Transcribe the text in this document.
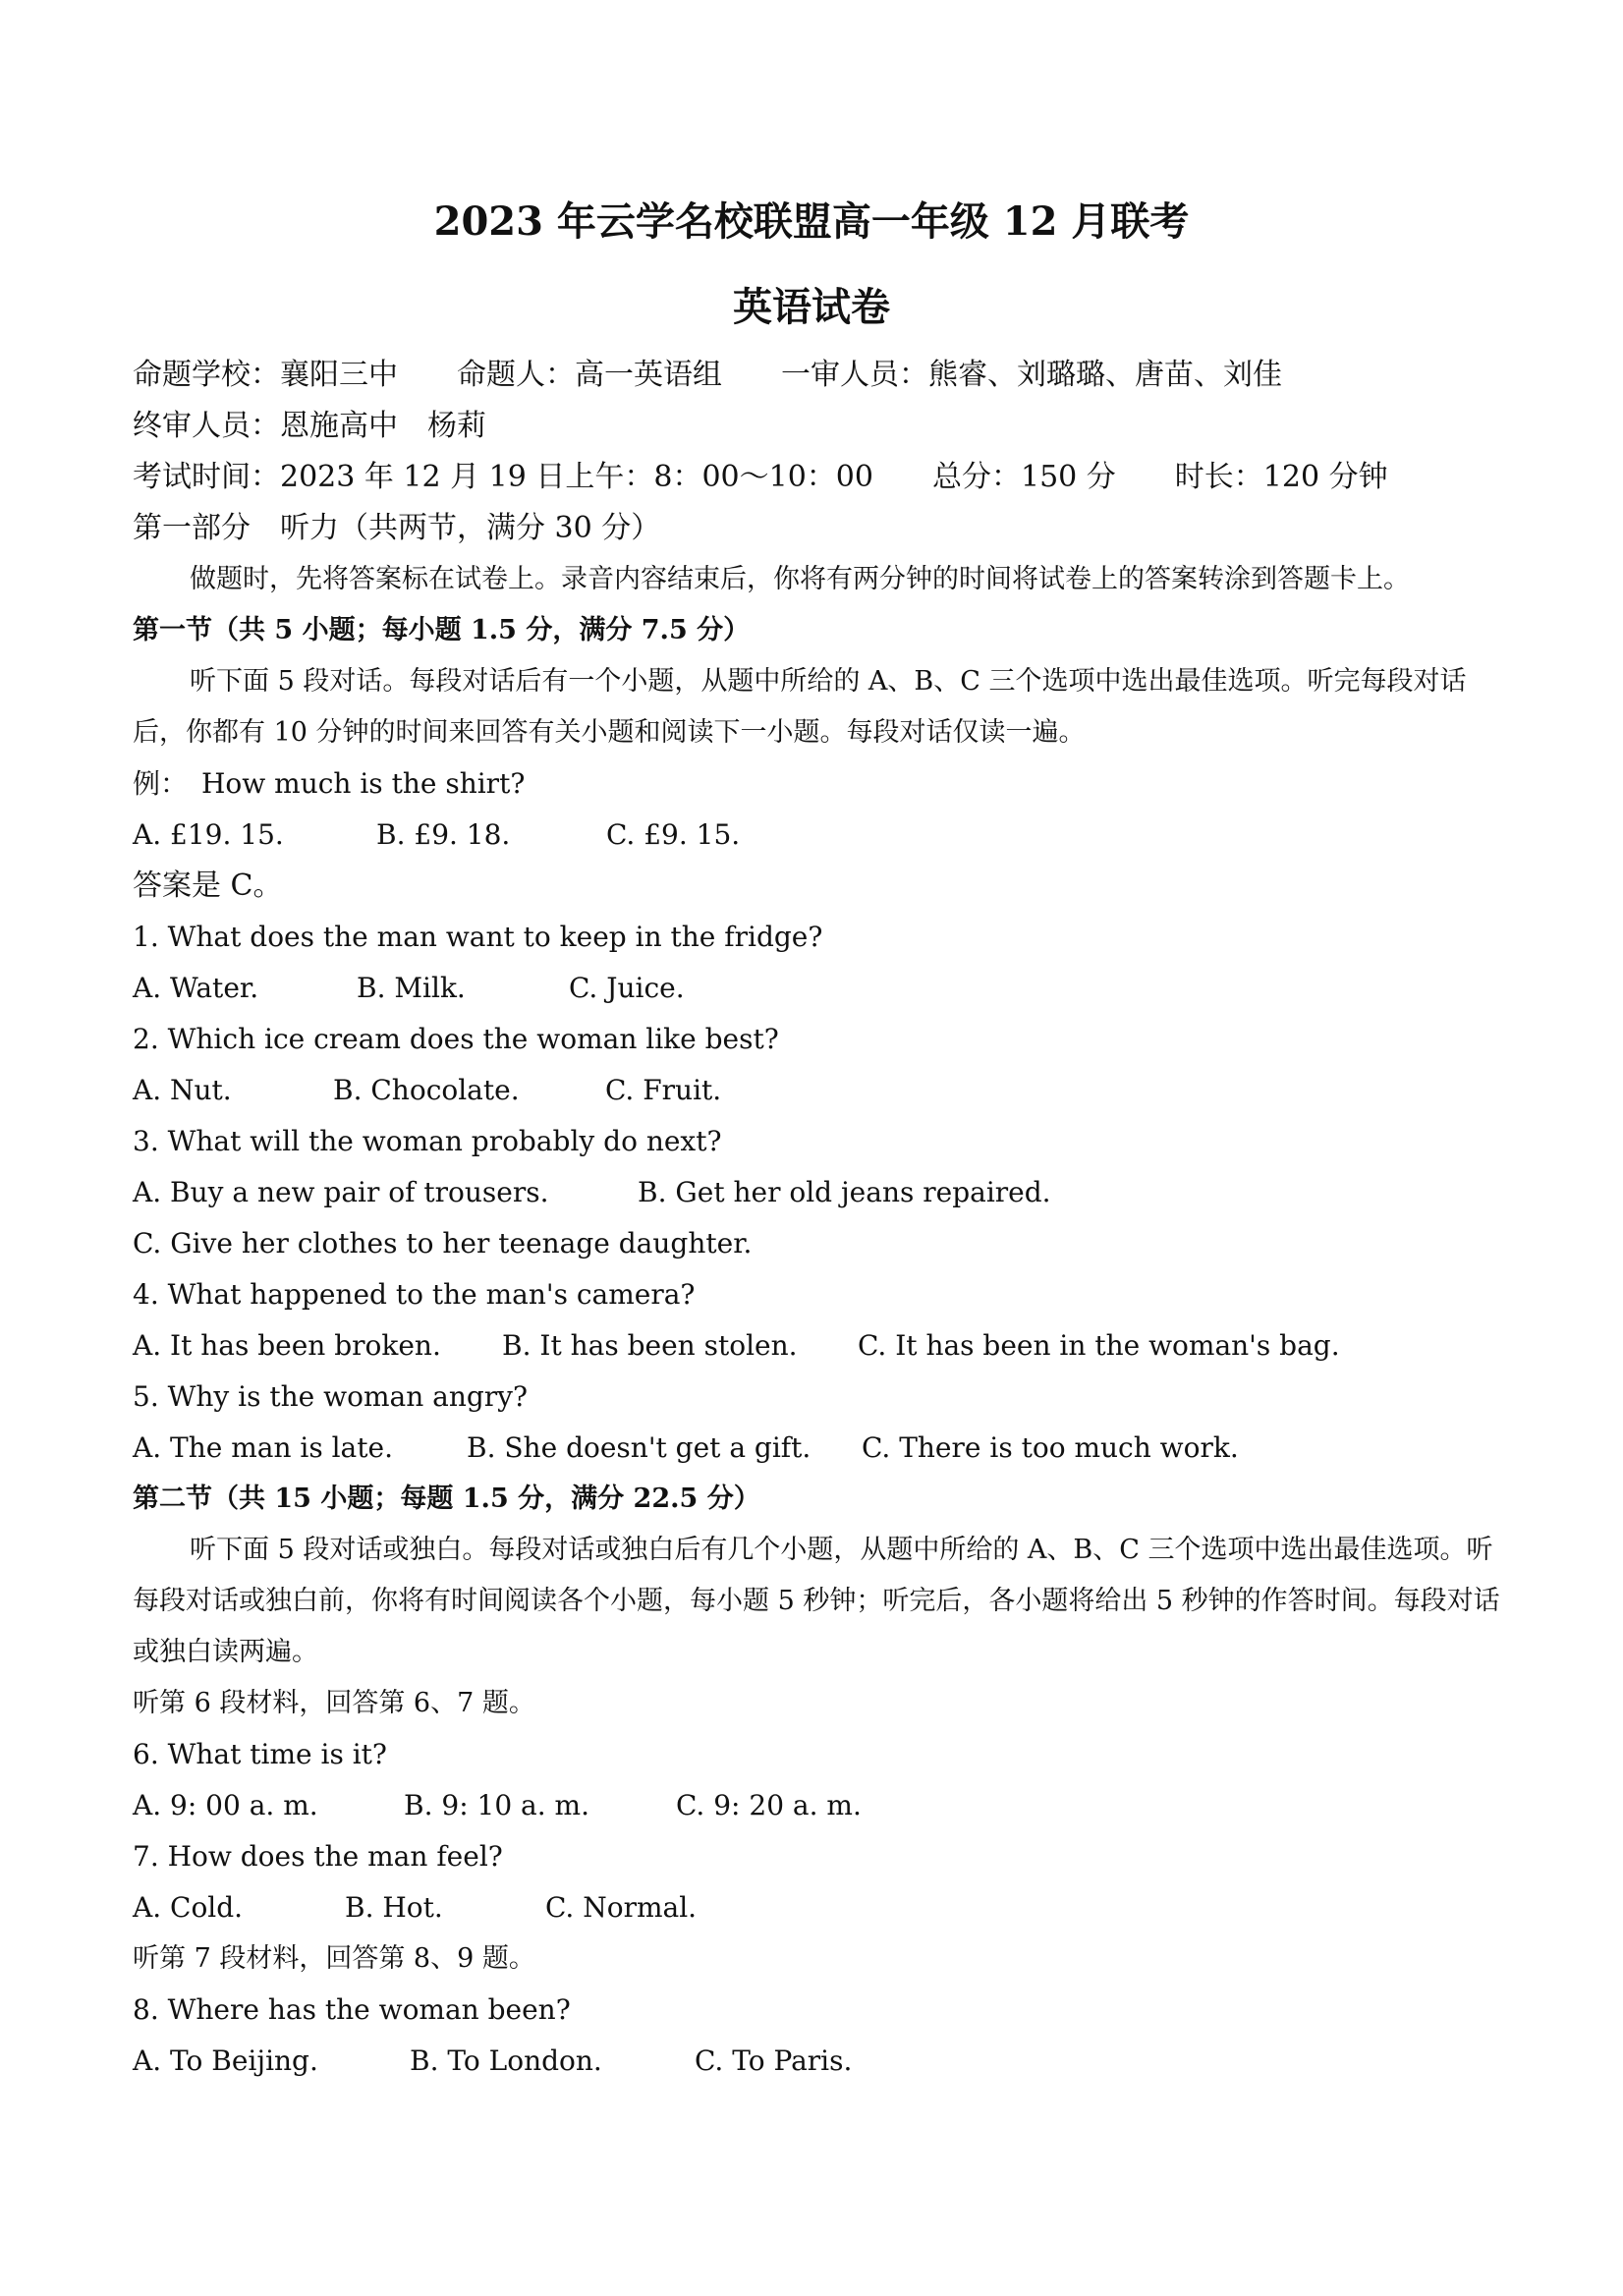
2023 年云学名校联盟高一年级 12 月联考
英语试卷
命题学校：襄阳三中 命题人：高一英语组 一审人员：熊睿、刘璐璐、唐苗、刘佳
终审人员：恩施高中　杨莉
考试时间：2023 年 12 月 19 日上午：8：00～10：00 总分：150 分 时长：120 分钟
第一部分　听力（共两节，满分 30 分）
做题时，先将答案标在试卷上。录音内容结束后，你将有两分钟的时间将试卷上的答案转涂到答题卡上。
第一节（共 5 小题；每小题 1.5 分，满分 7.5 分）
听下面 5 段对话。每段对话后有一个小题，从题中所给的 A、B、C 三个选项中选出最佳选项。听完每段对话后，你都有 10 分钟的时间来回答有关小题和阅读下一小题。每段对话仅读一遍。
例：　How much is the shirt?
A. £19. 15.	B. £9. 18.	C. £9. 15.
答案是 C。
1. What does the man want to keep in the fridge?
A. Water.	B. Milk.	C. Juice.
2. Which ice cream does the woman like best?
A. Nut.	B. Chocolate.	C. Fruit.
3. What will the woman probably do next?
A. Buy a new pair of trousers.	B. Get her old jeans repaired.
C. Give her clothes to her teenage daughter.
4. What happened to the man's camera?
A. It has been broken. B. It has been stolen. C. It has been in the woman's bag.
5. Why is the woman angry?
A. The man is late.	B. She doesn't get a gift. C. There is too much work.
第二节（共 15 小题；每题 1.5 分，满分 22.5 分）
听下面 5 段对话或独白。每段对话或独白后有几个小题，从题中所给的 A、B、C 三个选项中选出最佳选项。听每段对话或独白前，你将有时间阅读各个小题，每小题 5 秒钟；听完后，各小题将给出 5 秒钟的作答时间。每段对话或独白读两遍。
听第 6 段材料，回答第 6、7 题。
6. What time is it?
A. 9: 00 a. m.	B. 9: 10 a. m.	C. 9: 20 a. m.
7. How does the man feel?
A. Cold.	B. Hot.	C. Normal.
听第 7 段材料，回答第 8、9 题。
8. Where has the woman been?
A. To Beijing.	B. To London.	C. To Paris.
